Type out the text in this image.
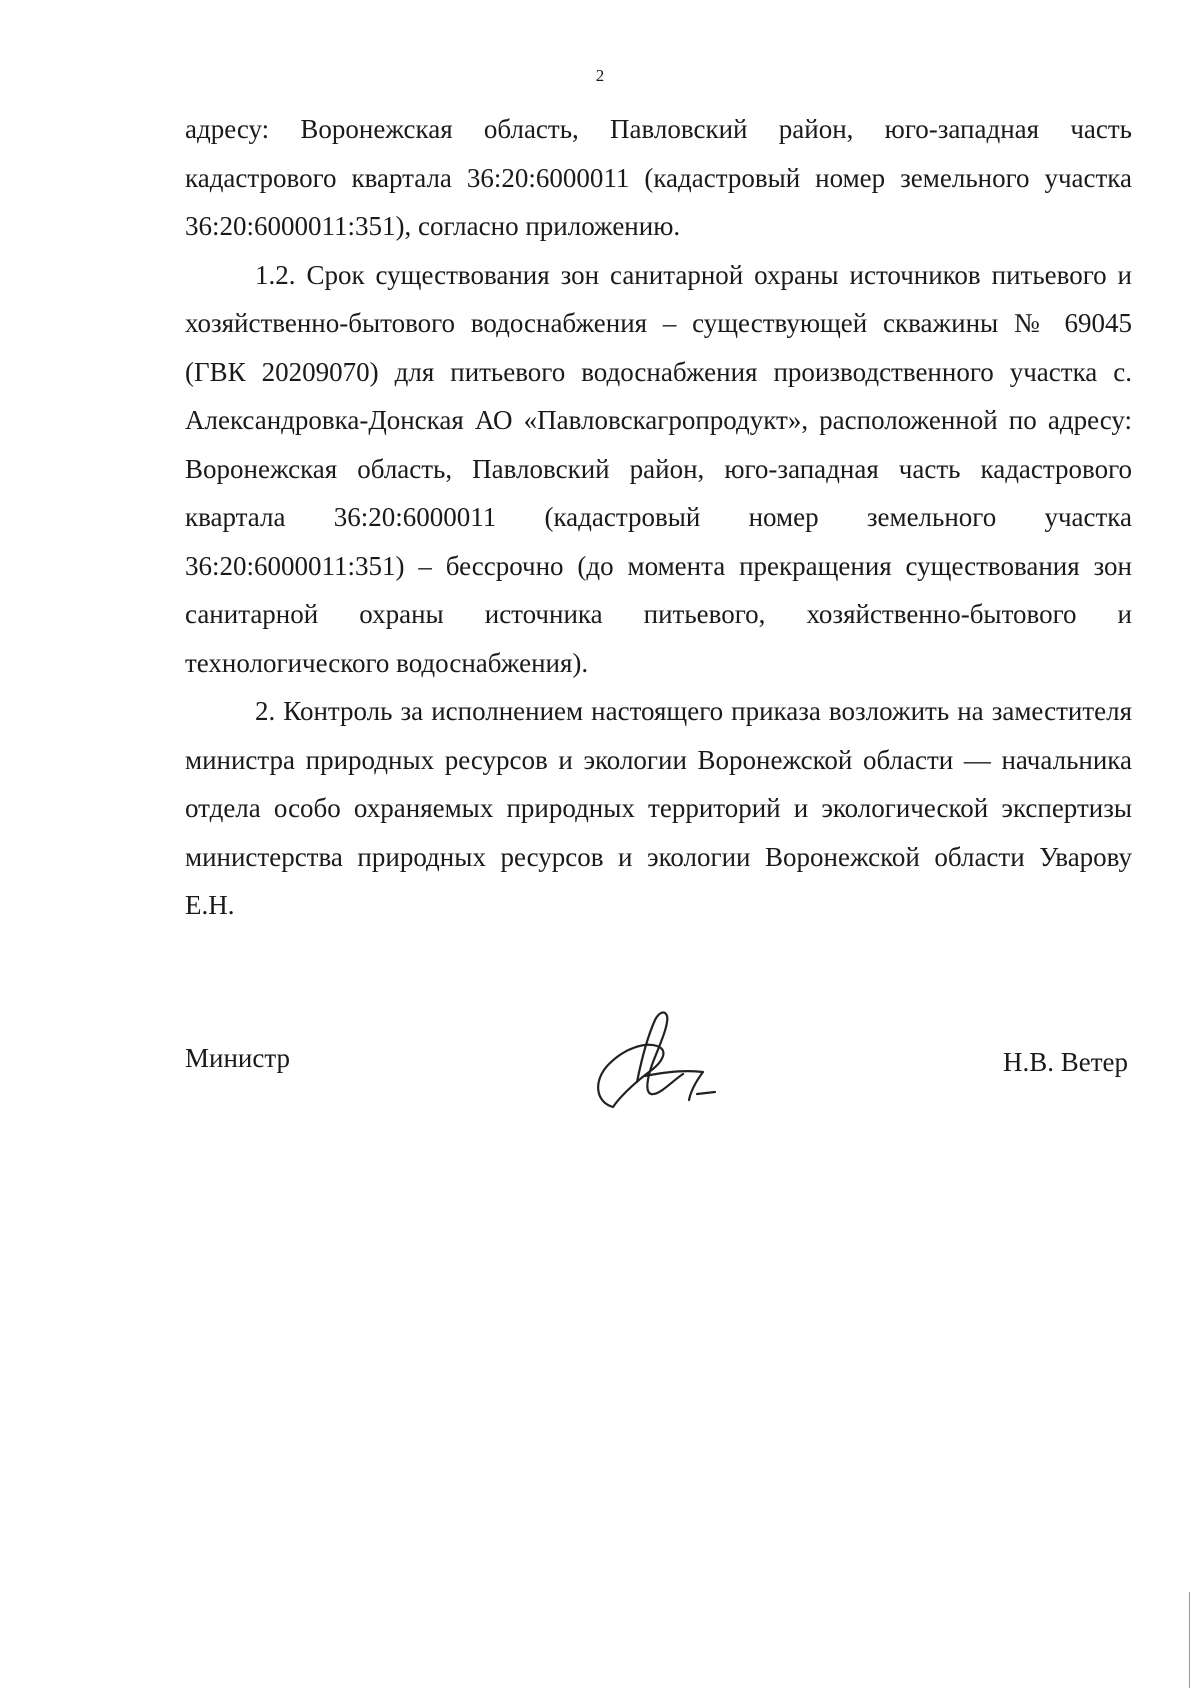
2

адресу: Воронежская область, Павловский район, юго-западная часть кадастрового квартала 36:20:6000011 (кадастровый номер земельного участка 36:20:6000011:351), согласно приложению.

1.2. Срок существования зон санитарной охраны источников питьевого и хозяйственно-бытового водоснабжения – существующей скважины № 69045 (ГВК 20209070) для питьевого водоснабжения производственного участка с. Александровка-Донская АО «Павловскагропродукт», расположенной по адресу: Воронежская область, Павловский район, юго-западная часть кадастрового квартала 36:20:6000011 (кадастровый номер земельного участка 36:20:6000011:351) – бессрочно (до момента прекращения существования зон санитарной охраны источника питьевого, хозяйственно-бытового и технологического водоснабжения).

2. Контроль за исполнением настоящего приказа возложить на заместителя министра природных ресурсов и экологии Воронежской области — начальника отдела особо охраняемых природных территорий и экологической экспертизы министерства природных ресурсов и экологии Воронежской области Уварову Е.Н.

Министр	Н.В. Ветер
